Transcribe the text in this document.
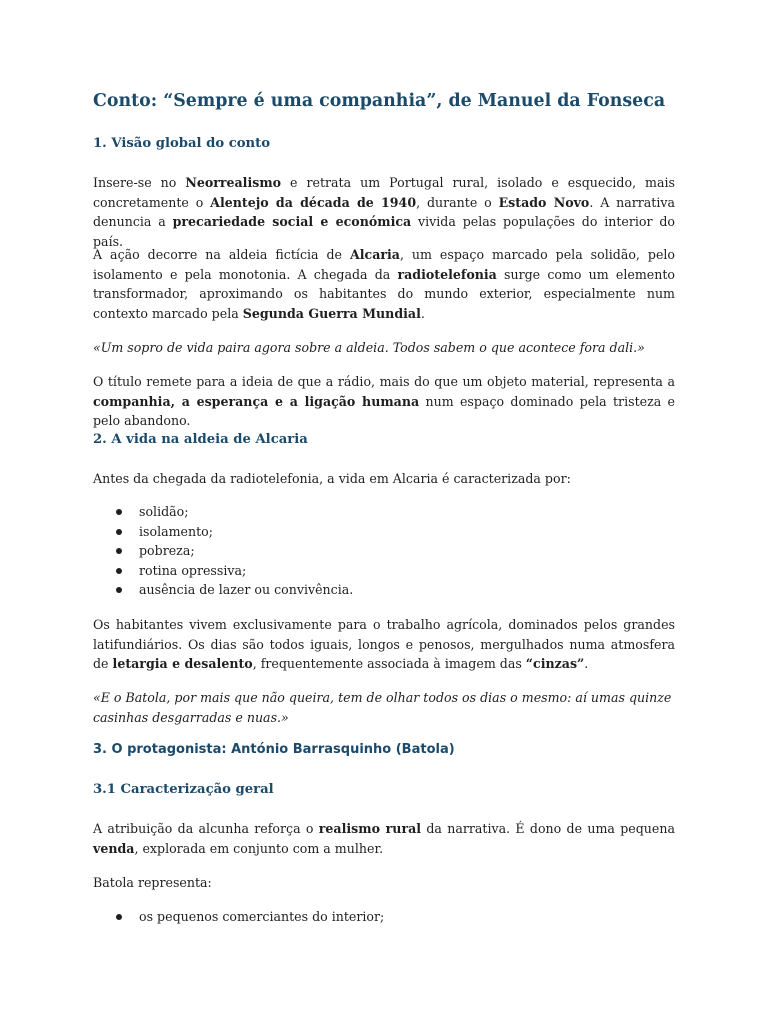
Conto: “Sempre é uma companhia”, de Manuel da Fonseca
1. Visão global do conto

Insere-se no Neorrealismo e retrata um Portugal rural, isolado e esquecido, mais concretamente o Alentejo da década de 1940, durante o Estado Novo. A narrativa denuncia a precariedade social e económica vivida pelas populações do interior do país.

A ação decorre na aldeia fictícia de Alcaria, um espaço marcado pela solidão, pelo isolamento e pela monotonia. A chegada da radiotelefonia surge como um elemento transformador, aproximando os habitantes do mundo exterior, especialmente num contexto marcado pela Segunda Guerra Mundial.

«Um sopro de vida paira agora sobre a aldeia. Todos sabem o que acontece fora dali.»

O título remete para a ideia de que a rádio, mais do que um objeto material, representa a companhia, a esperança e a ligação humana num espaço dominado pela tristeza e pelo abandono.

2. A vida na aldeia de Alcaria

Antes da chegada da radiotelefonia, a vida em Alcaria é caracterizada por:

solidão;
isolamento;
pobreza;
rotina opressiva;
ausência de lazer ou convivência.

Os habitantes vivem exclusivamente para o trabalho agrícola, dominados pelos grandes latifundiários. Os dias são todos iguais, longos e penosos, mergulhados numa atmosfera de letargia e desalento, frequentemente associada à imagem das “cinzas”.

«E o Batola, por mais que não queira, tem de olhar todos os dias o mesmo: aí umas quinze casinhas desgarradas e nuas.»

3. O protagonista: António Barrasquinho (Batola)
3.1 Caracterização geral

A atribuição da alcunha reforça o realismo rural da narrativa. É dono de uma pequena venda, explorada em conjunto com a mulher.

Batola representa:

os pequenos comerciantes do interior;
